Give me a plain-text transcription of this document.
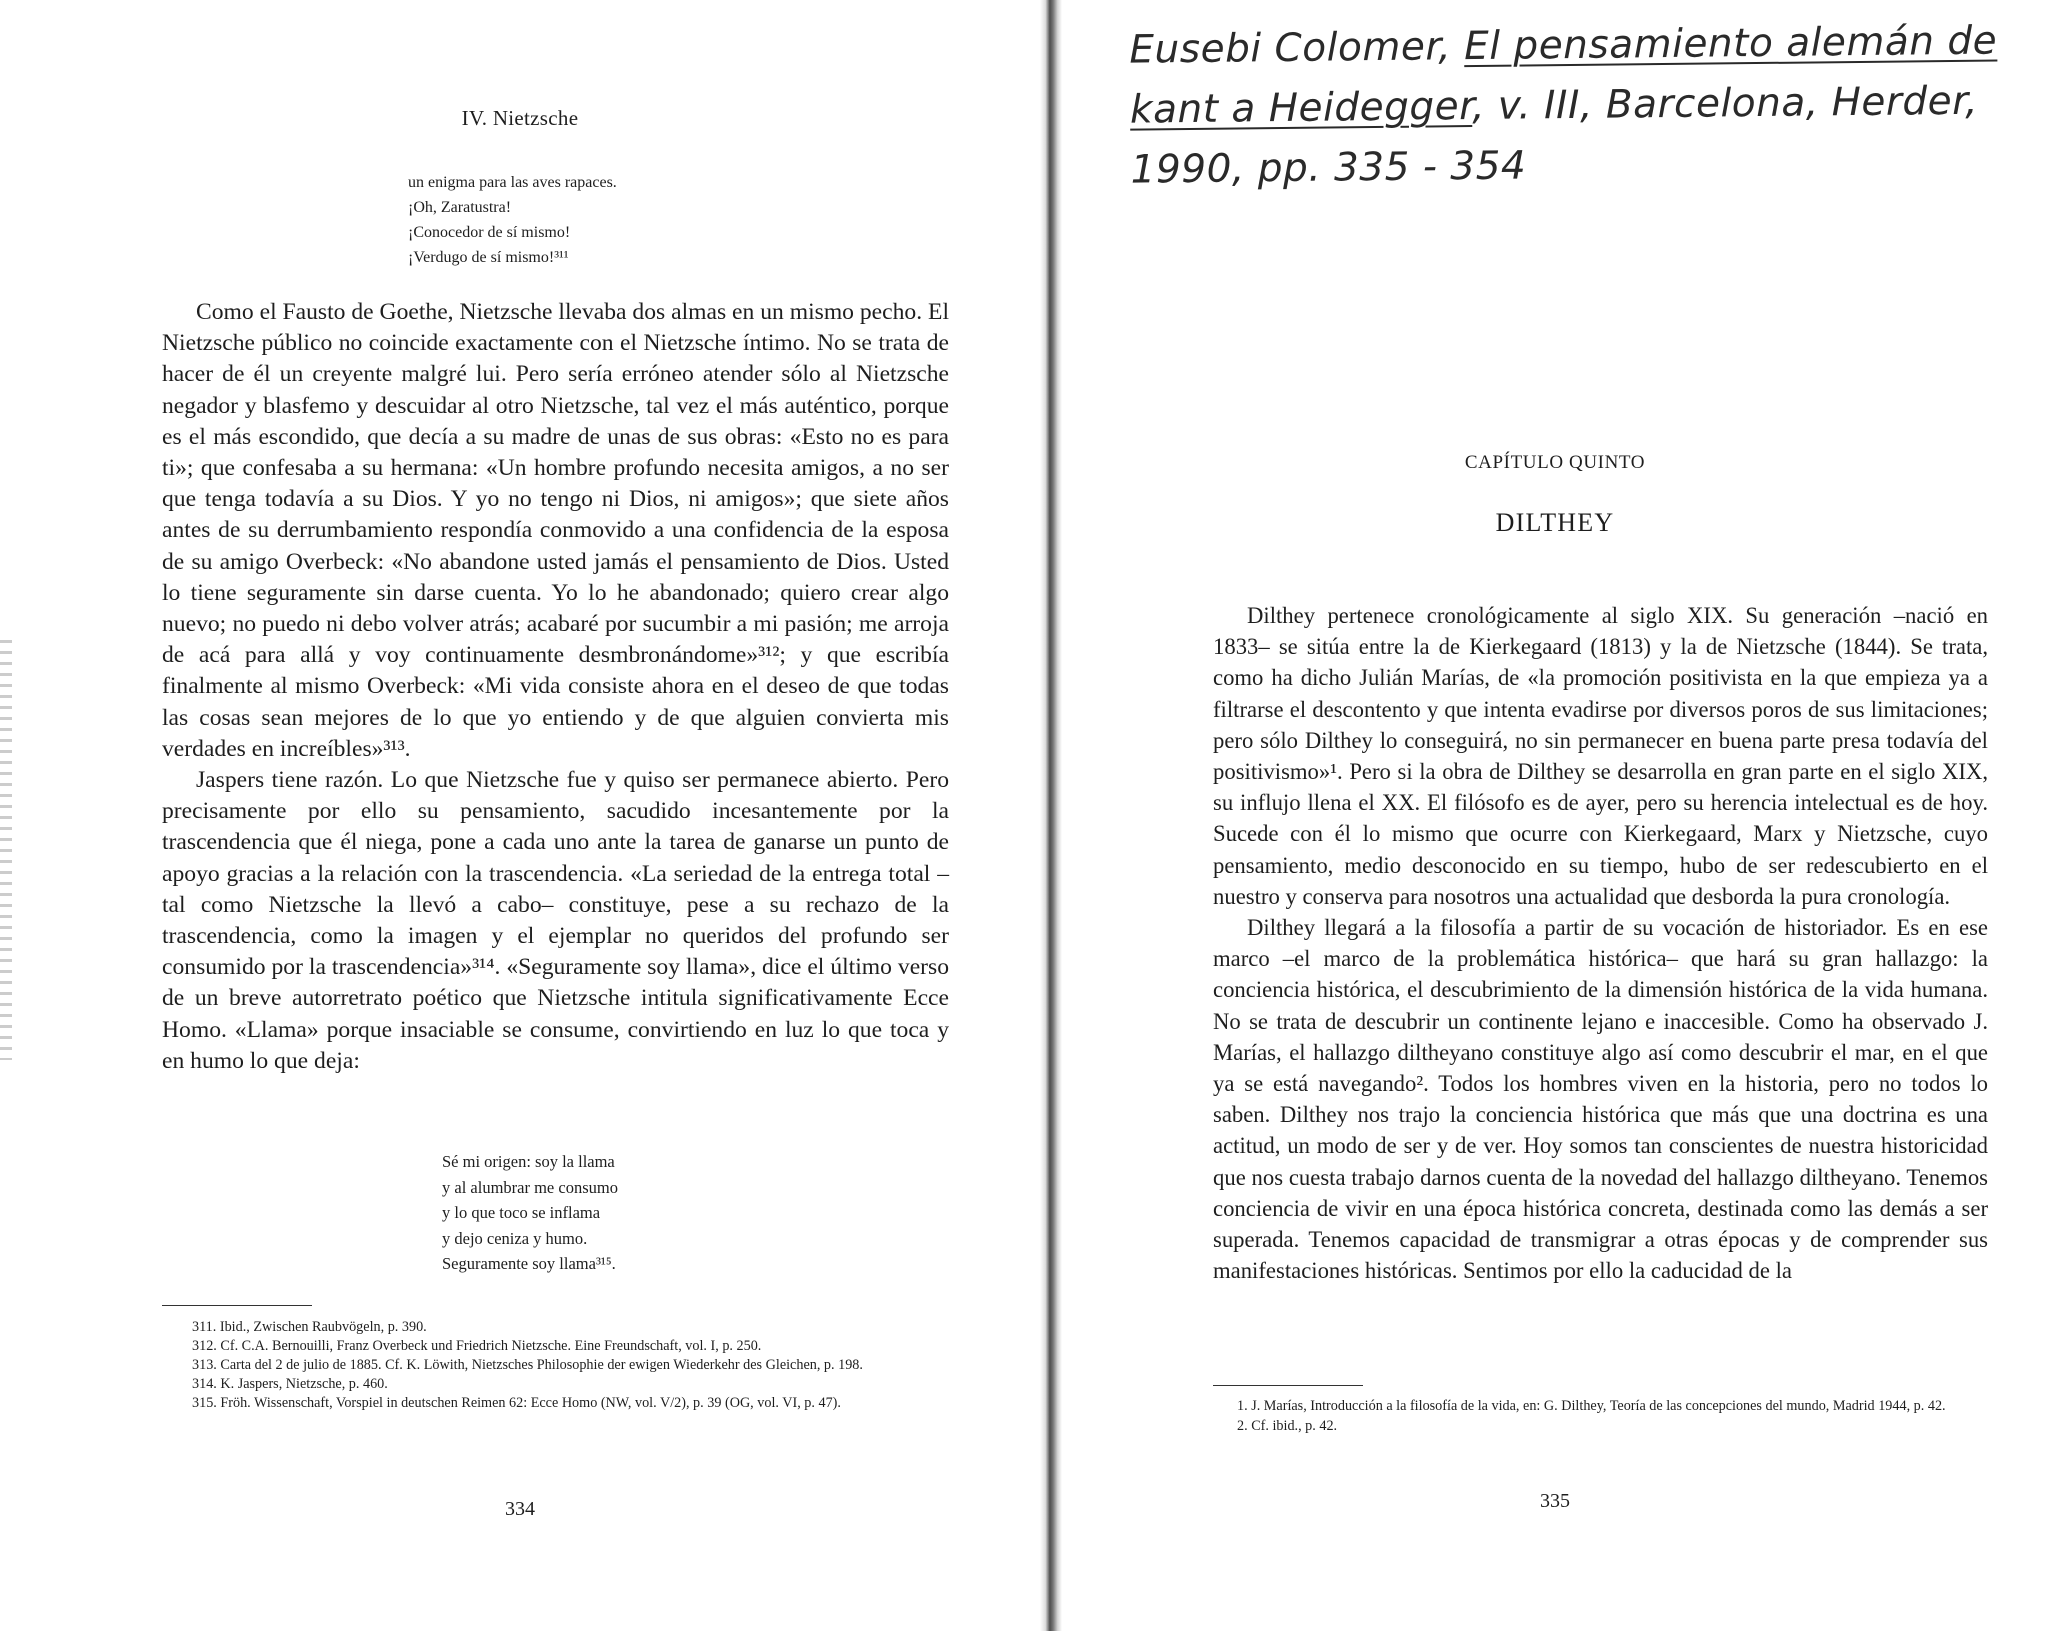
IV. Nietzsche
un enigma para las aves rapaces.
¡Oh, Zaratustra!
¡Conocedor de sí mismo!
¡Verdugo de sí mismo!³¹¹

Como el Fausto de Goethe, Nietzsche llevaba dos almas en un mismo pecho. El Nietzsche público no coincide exactamente con el Nietzsche íntimo. No se trata de hacer de él un creyente malgré lui. Pero sería erróneo atender sólo al Nietzsche negador y blasfemo y descuidar al otro Nietzsche, tal vez el más auténtico, porque es el más escondido, que decía a su madre de unas de sus obras: «Esto no es para ti»; que confesaba a su hermana: «Un hombre profundo necesita amigos, a no ser que tenga todavía a su Dios. Y yo no tengo ni Dios, ni amigos»; que siete años antes de su derrumbamiento respondía conmovido a una confidencia de la esposa de su amigo Overbeck: «No abandone usted jamás el pensamiento de Dios. Usted lo tiene seguramente sin darse cuenta. Yo lo he abandonado; quiero crear algo nuevo; no puedo ni debo volver atrás; acabaré por sucumbir a mi pasión; me arroja de acá para allá y voy continuamente desmbronándome»³¹²; y que escribía finalmente al mismo Overbeck: «Mi vida consiste ahora en el deseo de que todas las cosas sean mejores de lo que yo entiendo y de que alguien convierta mis verdades en increíbles»³¹³.

Jaspers tiene razón. Lo que Nietzsche fue y quiso ser permanece abierto. Pero precisamente por ello su pensamiento, sacudido incesantemente por la trascendencia que él niega, pone a cada uno ante la tarea de ganarse un punto de apoyo gracias a la relación con la trascendencia. «La seriedad de la entrega total –tal como Nietzsche la llevó a cabo– constituye, pese a su rechazo de la trascendencia, como la imagen y el ejemplar no queridos del profundo ser consumido por la trascendencia»³¹⁴. «Seguramente soy llama», dice el último verso de un breve autorretrato poético que Nietzsche intitula significativamente Ecce Homo. «Llama» porque insaciable se consume, convirtiendo en luz lo que toca y en humo lo que deja:

Sé mi origen: soy la llama
y al alumbrar me consumo
y lo que toco se inflama
y dejo ceniza y humo.
Seguramente soy llama³¹⁵.
311. Ibid., Zwischen Raubvögeln, p. 390.
312. Cf. C.A. Bernouilli, Franz Overbeck und Friedrich Nietzsche. Eine Freundschaft, vol. I, p. 250.
313. Carta del 2 de julio de 1885. Cf. K. Löwith, Nietzsches Philosophie der ewigen Wiederkehr des Gleichen, p. 198.
314. K. Jaspers, Nietzsche, p. 460.
315. Fröh. Wissenschaft, Vorspiel in deutschen Reimen 62: Ecce Homo (NW, vol. V/2), p. 39 (OG, vol. VI, p. 47).
334
Eusebi Colomer, El pensamiento alemán de
kant a Heidegger, v. III, Barcelona, Herder,
1990, pp. 335 - 354
CAPÍTULO QUINTO
DILTHEY

Dilthey pertenece cronológicamente al siglo XIX. Su generación –nació en 1833– se sitúa entre la de Kierkegaard (1813) y la de Nietzsche (1844). Se trata, como ha dicho Julián Marías, de «la promoción positivista en la que empieza ya a filtrarse el descontento y que intenta evadirse por diversos poros de sus limitaciones; pero sólo Dilthey lo conseguirá, no sin permanecer en buena parte presa todavía del positivismo»¹. Pero si la obra de Dilthey se desarrolla en gran parte en el siglo XIX, su influjo llena el XX. El filósofo es de ayer, pero su herencia intelectual es de hoy. Sucede con él lo mismo que ocurre con Kierkegaard, Marx y Nietzsche, cuyo pensamiento, medio desconocido en su tiempo, hubo de ser redescubierto en el nuestro y conserva para nosotros una actualidad que desborda la pura cronología.

Dilthey llegará a la filosofía a partir de su vocación de historiador. Es en ese marco –el marco de la problemática histórica– que hará su gran hallazgo: la conciencia histórica, el descubrimiento de la dimensión histórica de la vida humana. No se trata de descubrir un continente lejano e inaccesible. Como ha observado J. Marías, el hallazgo diltheyano constituye algo así como descubrir el mar, en el que ya se está navegando². Todos los hombres viven en la historia, pero no todos lo saben. Dilthey nos trajo la conciencia histórica que más que una doctrina es una actitud, un modo de ser y de ver. Hoy somos tan conscientes de nuestra historicidad que nos cuesta trabajo darnos cuenta de la novedad del hallazgo diltheyano. Tenemos conciencia de vivir en una época histórica concreta, destinada como las demás a ser superada. Tenemos capacidad de transmigrar a otras épocas y de comprender sus manifestaciones históricas. Sentimos por ello la caducidad de la

1. J. Marías, Introducción a la filosofía de la vida, en: G. Dilthey, Teoría de las concepciones del mundo, Madrid 1944, p. 42.
2. Cf. ibid., p. 42.
335
